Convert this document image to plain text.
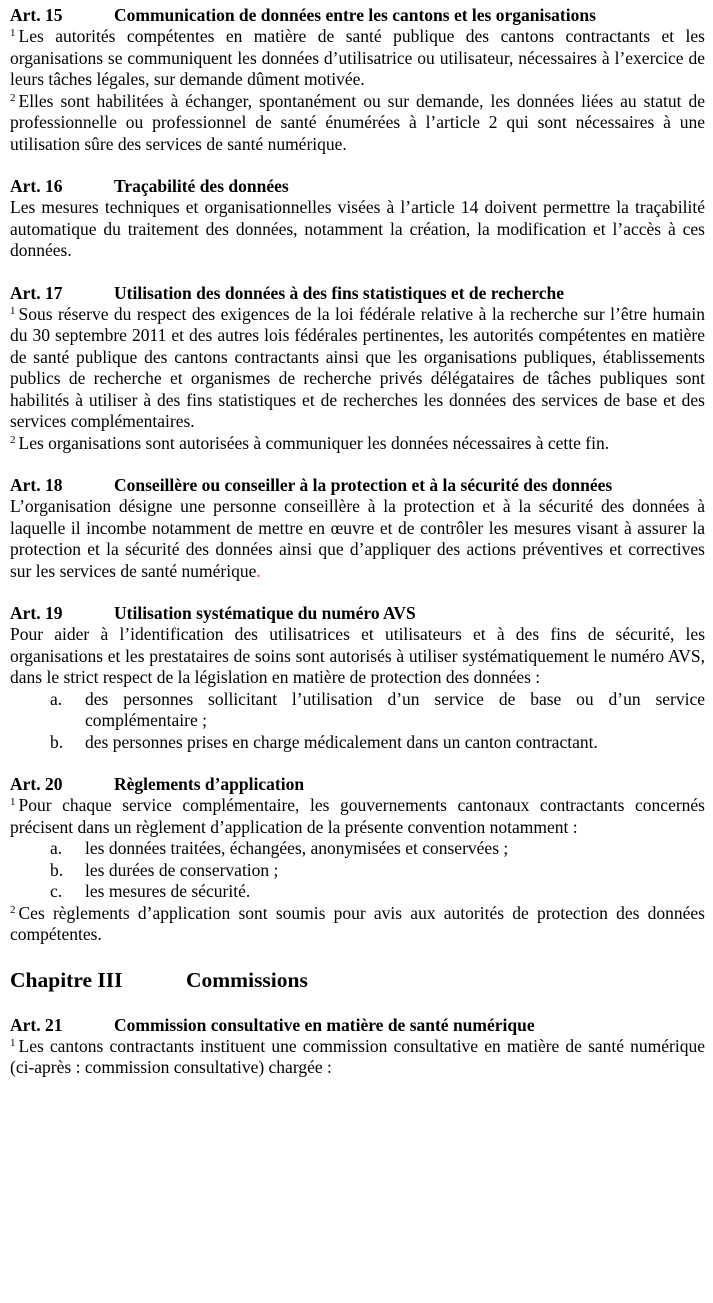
Art. 15	Communication de données entre les cantons et les organisations

$^1$ Les autorités compétentes en matière de santé publique des cantons contractants et les organisations se communiquent les données d’utilisatrice ou utilisateur, nécessaires à l’exercice de leurs tâches légales, sur demande dûment motivée.

$^2$ Elles sont habilitées à échanger, spontanément ou sur demande, les données liées au statut de professionnelle ou professionnel de santé énumérées à l’article 2 qui sont nécessaires à une utilisation sûre des services de santé numérique.

Art. 16	Traçabilité des données

Les mesures techniques et organisationnelles visées à l’article 14 doivent permettre la traçabilité automatique du traitement des données, notamment la création, la modification et l’accès à ces données.

Art. 17	Utilisation des données à des fins statistiques et de recherche

$^1$ Sous réserve du respect des exigences de la loi fédérale relative à la recherche sur l’être humain du 30 septembre 2011 et des autres lois fédérales pertinentes, les autorités compétentes en matière de santé publique des cantons contractants ainsi que les organisations publiques, établissements publics de recherche et organismes de recherche privés délégataires de tâches publiques sont habilités à utiliser à des fins statistiques et de recherches les données des services de base et des services complémentaires.

$^2$ Les organisations sont autorisées à communiquer les données nécessaires à cette fin.

Art. 18	Conseillère ou conseiller à la protection et à la sécurité des données

L’organisation désigne une personne conseillère à la protection et à la sécurité des données à laquelle il incombe notamment de mettre en œuvre et de contrôler les mesures visant à assurer la protection et la sécurité des données ainsi que d’appliquer des actions préventives et correctives sur les services de santé numérique.

Art. 19	Utilisation systématique du numéro AVS

Pour aider à l’identification des utilisatrices et utilisateurs et à des fins de sécurité, les organisations et les prestataires de soins sont autorisés à utiliser systématiquement le numéro AVS, dans le strict respect de la législation en matière de protection des données :

a.	des personnes sollicitant l’utilisation d’un service de base ou d’un service complémentaire ;
b.	des personnes prises en charge médicalement dans un canton contractant.
Art. 20	Règlements d’application

$^1$ Pour chaque service complémentaire, les gouvernements cantonaux contractants concernés précisent dans un règlement d’application de la présente convention notamment :

a.	les données traitées, échangées, anonymisées et conservées ;
b.	les durées de conservation ;
c.	les mesures de sécurité.

$^2$ Ces règlements d’application sont soumis pour avis aux autorités de protection des données compétentes.

Chapitre III	Commissions
Art. 21	Commission consultative en matière de santé numérique

$^1$ Les cantons contractants instituent une commission consultative en matière de santé numérique (ci-après : commission consultative) chargée :
